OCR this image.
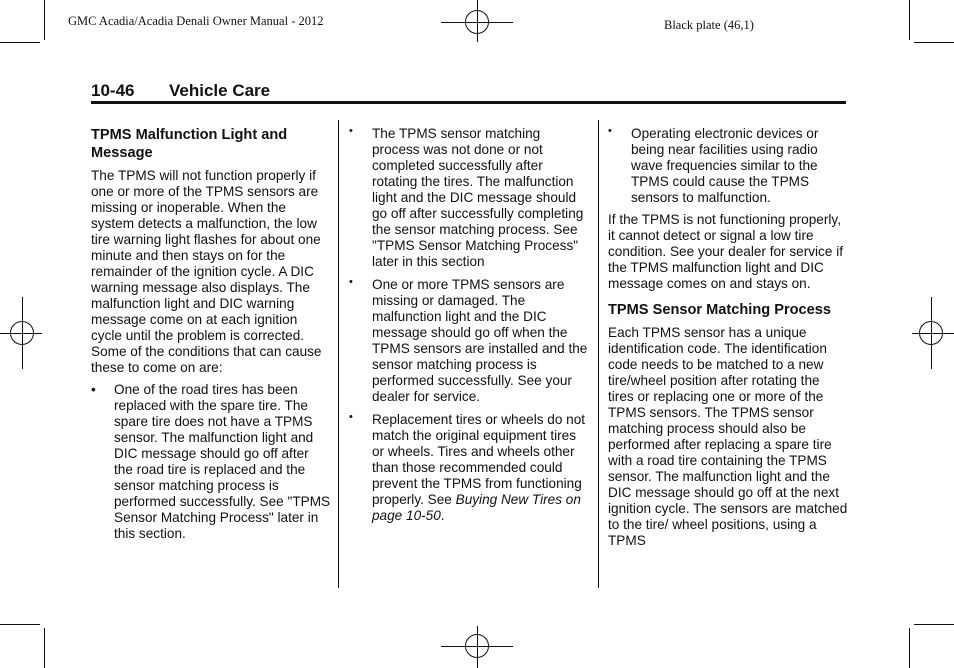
GMC Acadia/Acadia Denali Owner Manual - 2012	Black plate (46,1)
10-46 Vehicle Care
TPMS Malfunction Light and Message

The TPMS will not function properly if one or more of the TPMS sensors are missing or inoperable. When the system detects a malfunction, the low tire warning light flashes for about one minute and then stays on for the remainder of the ignition cycle. A DIC warning message also displays. The malfunction light and DIC warning message come on at each ignition cycle until the problem is corrected. Some of the conditions that can cause these to come on are:

• One of the road tires has been replaced with the spare tire. The spare tire does not have a TPMS sensor. The malfunction light and DIC message should go off after the road tire is replaced and the sensor matching process is performed successfully. See "TPMS Sensor Matching Process" later in this section.
• The TPMS sensor matching process was not done or not completed successfully after rotating the tires. The malfunction light and the DIC message should go off after successfully completing the sensor matching process. See "TPMS Sensor Matching Process" later in this section
• One or more TPMS sensors are missing or damaged. The malfunction light and the DIC message should go off when the TPMS sensors are installed and the sensor matching process is performed successfully. See your dealer for service.
• Replacement tires or wheels do not match the original equipment tires or wheels. Tires and wheels other than those recommended could prevent the TPMS from functioning properly. See Buying New Tires on page 10-50.
• Operating electronic devices or being near facilities using radio wave frequencies similar to the TPMS could cause the TPMS sensors to malfunction.

If the TPMS is not functioning properly, it cannot detect or signal a low tire condition. See your dealer for service if the TPMS malfunction light and DIC message comes on and stays on.

TPMS Sensor Matching Process

Each TPMS sensor has a unique identification code. The identification code needs to be matched to a new tire/wheel position after rotating the tires or replacing one or more of the TPMS sensors. The TPMS sensor matching process should also be performed after replacing a spare tire with a road tire containing the TPMS sensor. The malfunction light and the DIC message should go off at the next ignition cycle. The sensors are matched to the tire/ wheel positions, using a TPMS
